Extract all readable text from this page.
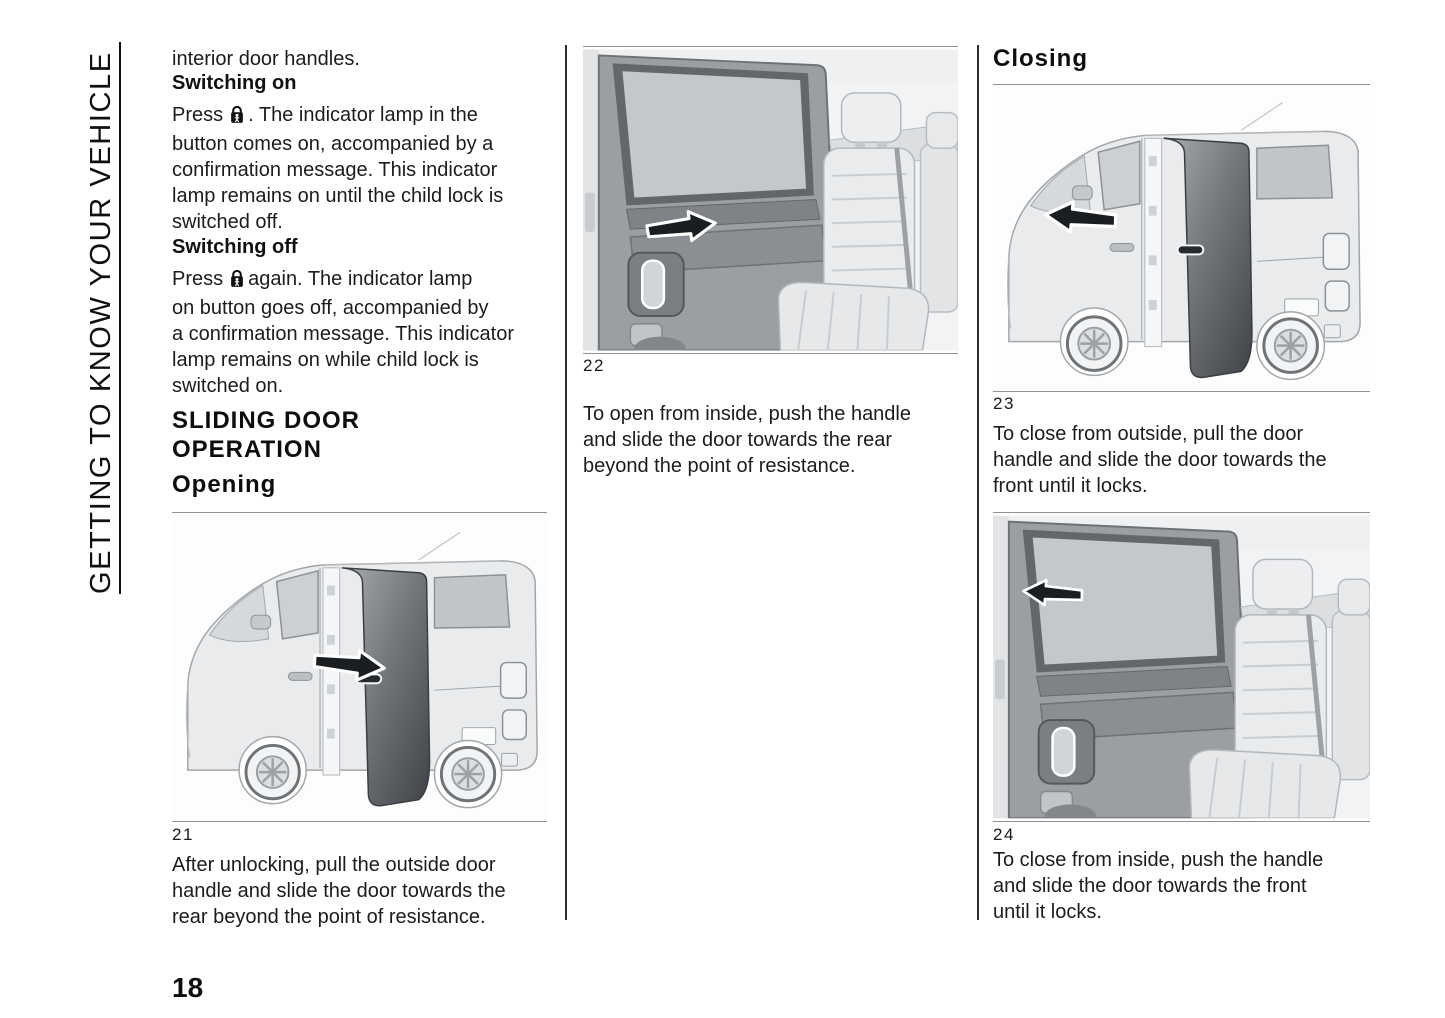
GETTING TO KNOW YOUR VEHICLE	interior door handles.
Switching on
Press . The indicator lamp in the
button comes on, accompanied by a
confirmation message. This indicator
lamp remains on until the child lock is
switched off.
Switching off
Press again. The indicator lamp
on button goes off, accompanied by
a confirmation message. This indicator
lamp remains on while child lock is
switched on.
SLIDING DOOR OPERATION
Opening
21
After unlocking, pull the outside door
handle and slide the door towards the
rear beyond the point of resistance.
18
22
To open from inside, push the handle
and slide the door towards the rear
beyond the point of resistance.
Closing
23
To close from outside, pull the door
handle and slide the door towards the
front until it locks.
24
To close from inside, push the handle
and slide the door towards the front
until it locks.
